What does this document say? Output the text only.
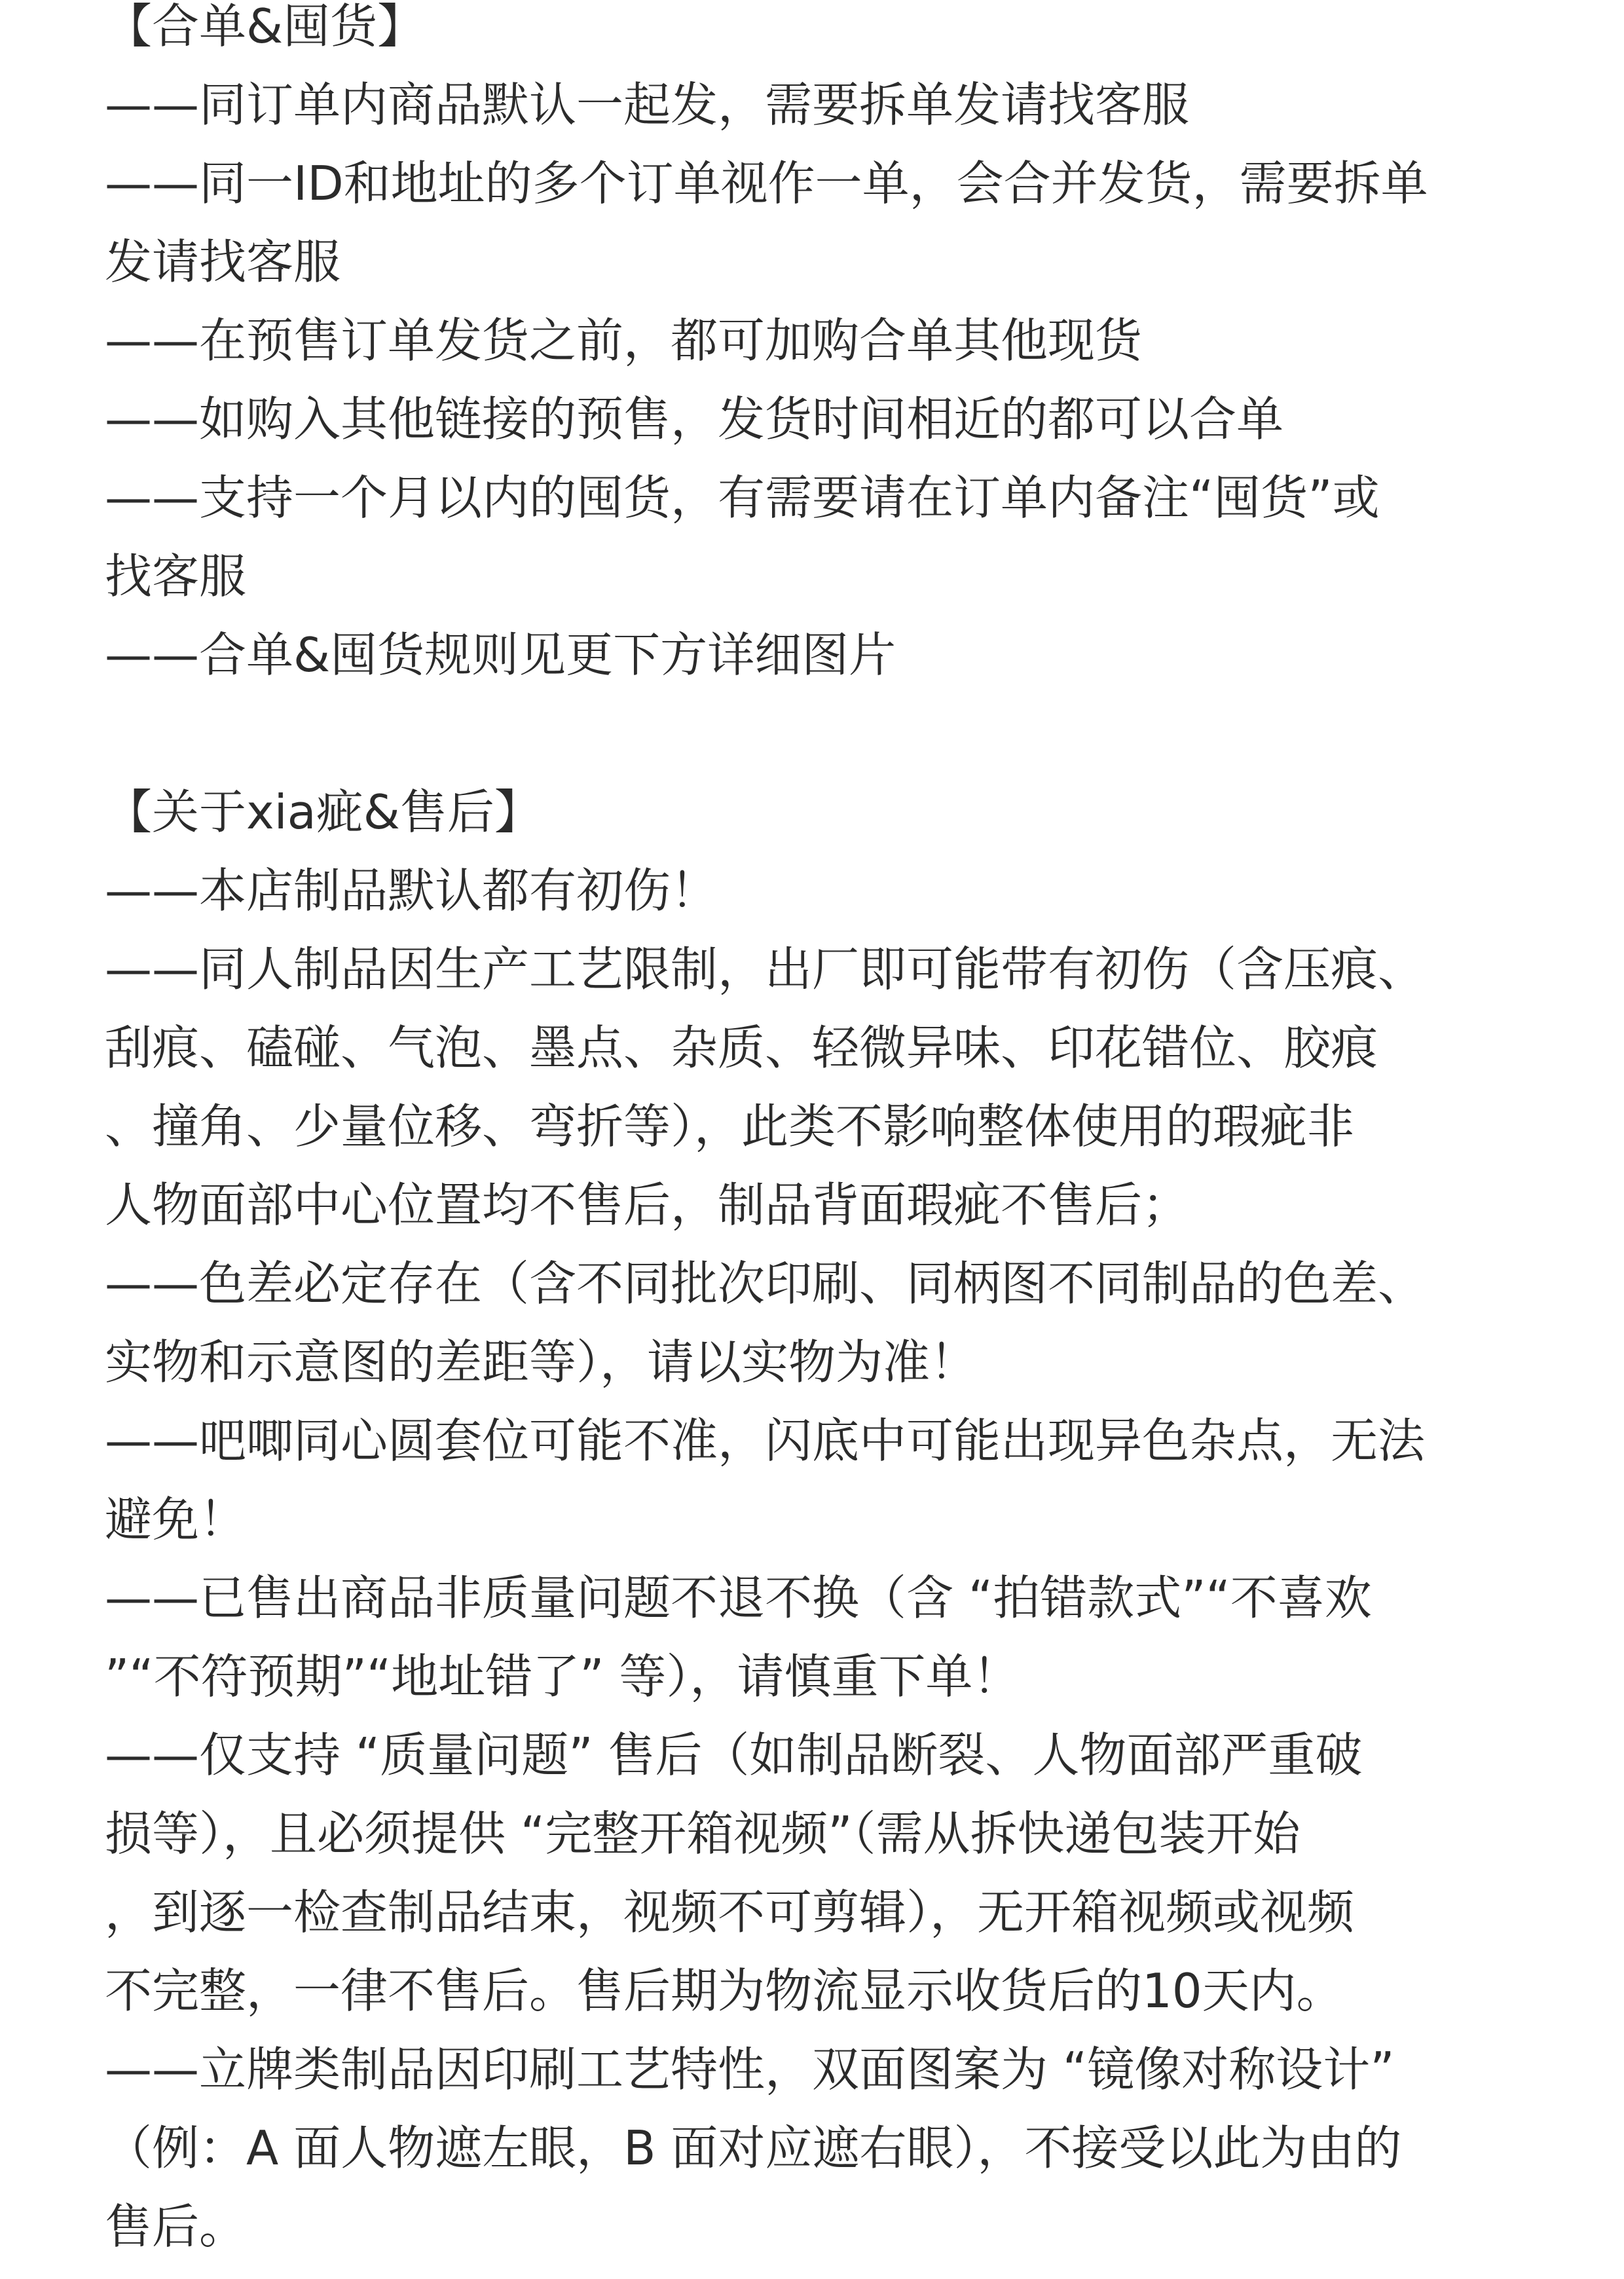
【合单&囤货】
——同订单内商品默认一起发，需要拆单发请找客服
——同一ID和地址的多个订单视作一单，会合并发货，需要拆单
发请找客服
——在预售订单发货之前，都可加购合单其他现货
——如购入其他链接的预售，发货时间相近的都可以合单
——支持一个月以内的囤货，有需要请在订单内备注“囤货”或
找客服
——合单&囤货规则见更下方详细图片
【关于xia疵&售后】
——本店制品默认都有初伤！
——同人制品因生产工艺限制，出厂即可能带有初伤（含压痕、
刮痕、磕碰、气泡、墨点、杂质、轻微异味、印花错位、胶痕
、撞角、少量位移、弯折等），此类不影响整体使用的瑕疵非
人物面部中心位置均不售后，制品背面瑕疵不售后；
——色差必定存在（含不同批次印刷、同柄图不同制品的色差、
实物和示意图的差距等），请以实物为准！
——吧唧同心圆套位可能不准，闪底中可能出现异色杂点，无法
避免！
——已售出商品非质量问题不退不换（含 “拍错款式”“不喜欢
”“不符预期”“地址错了” 等），请慎重下单！
——仅支持 “质量问题” 售后（如制品断裂、人物面部严重破
损等），且必须提供 “完整开箱视频”（需从拆快递包装开始
，到逐一检查制品结束，视频不可剪辑），无开箱视频或视频
不完整，一律不售后。售后期为物流显示收货后的10天内。
——立牌类制品因印刷工艺特性，双面图案为 “镜像对称设计”
（例：A 面人物遮左眼，B 面对应遮右眼），不接受以此为由的
售后。
